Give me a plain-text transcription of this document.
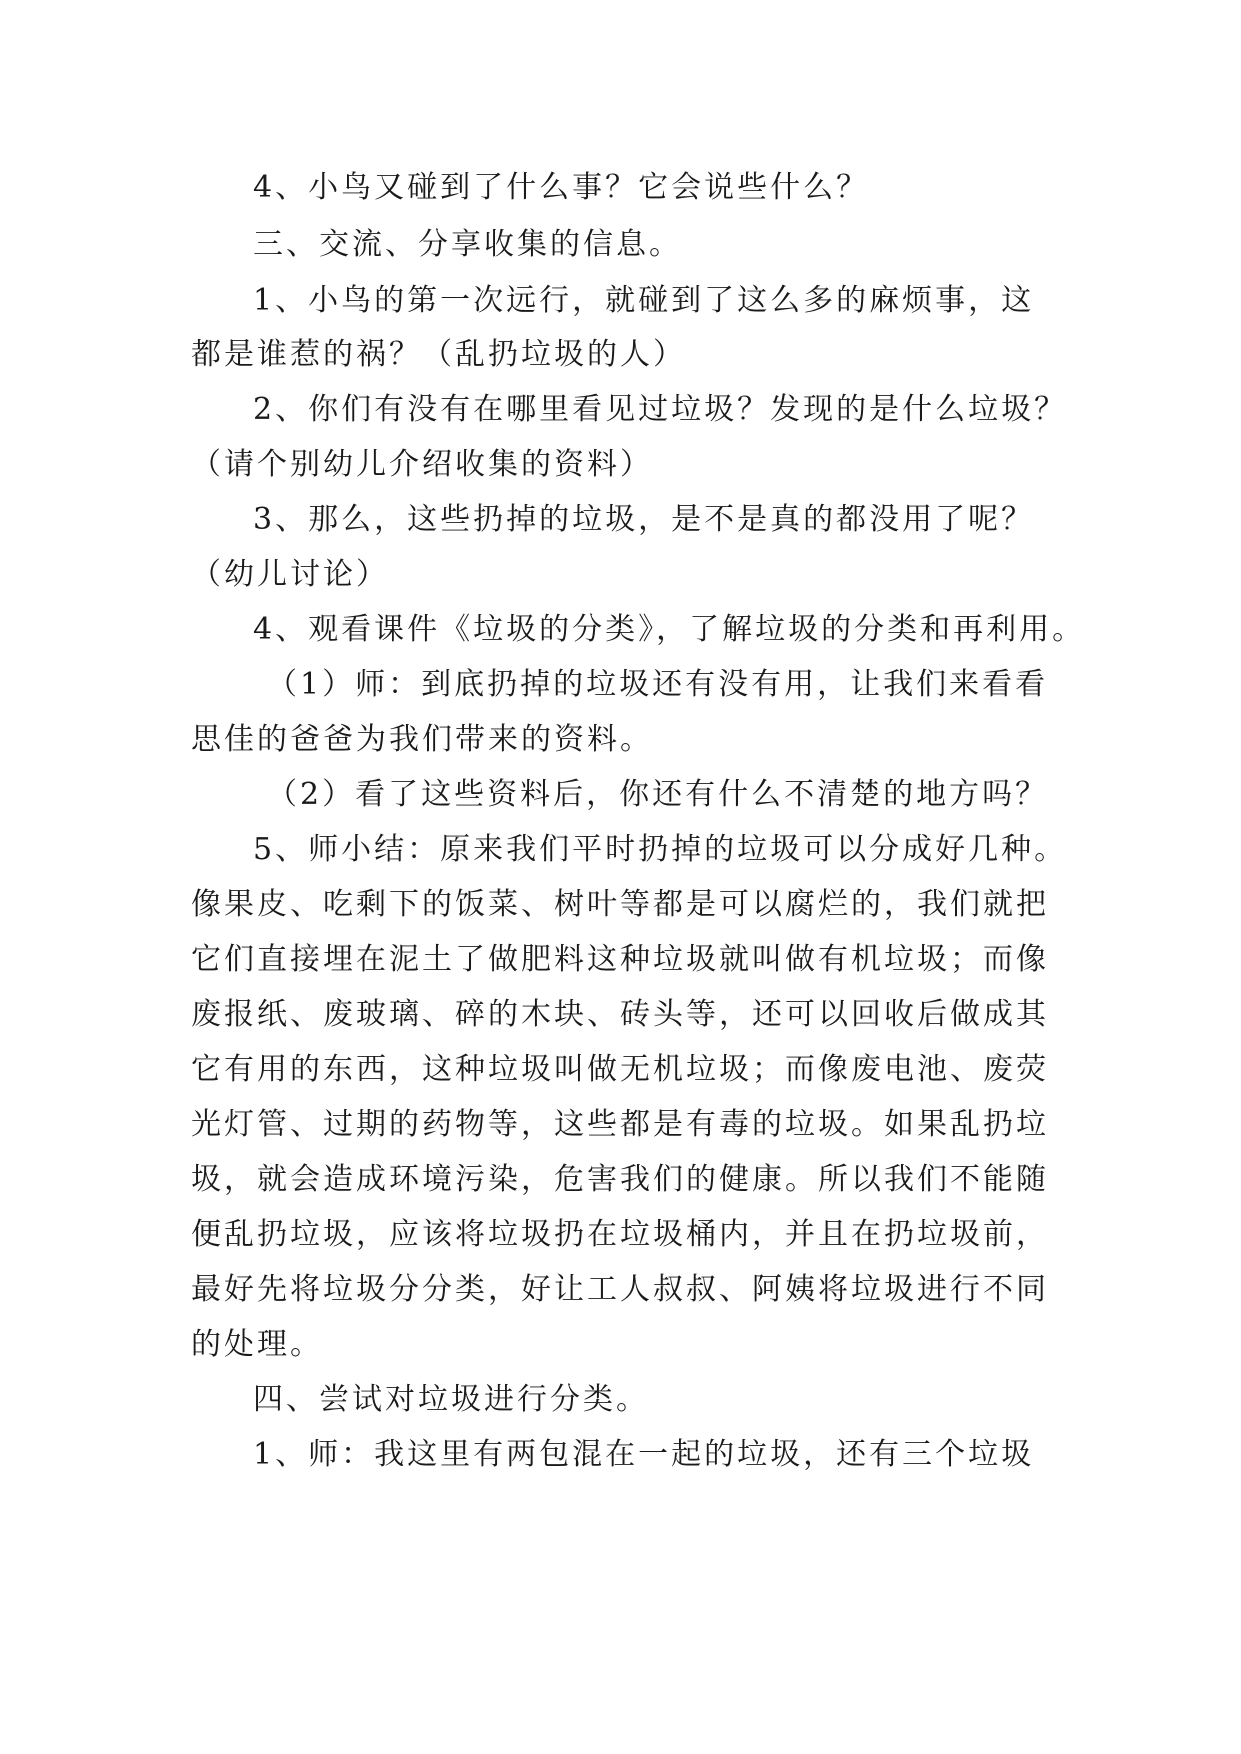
4、小鸟又碰到了什么事？它会说些什么？
三、交流、分享收集的信息。
1、小鸟的第一次远行，就碰到了这么多的麻烦事，这
都是谁惹的祸？（乱扔垃圾的人）
2、你们有没有在哪里看见过垃圾？发现的是什么垃圾？
（请个别幼儿介绍收集的资料）
3、那么，这些扔掉的垃圾，是不是真的都没用了呢？
（幼儿讨论）
4、观看课件《垃圾的分类》，了解垃圾的分类和再利用。
（1）师：到底扔掉的垃圾还有没有用，让我们来看看
思佳的爸爸为我们带来的资料。
（2）看了这些资料后，你还有什么不清楚的地方吗？
5、师小结：原来我们平时扔掉的垃圾可以分成好几种。
像果皮、吃剩下的饭菜、树叶等都是可以腐烂的，我们就把
它们直接埋在泥土了做肥料这种垃圾就叫做有机垃圾；而像
废报纸、废玻璃、碎的木块、砖头等，还可以回收后做成其
它有用的东西，这种垃圾叫做无机垃圾；而像废电池、废荧
光灯管、过期的药物等，这些都是有毒的垃圾。如果乱扔垃
圾，就会造成环境污染，危害我们的健康。所以我们不能随
便乱扔垃圾，应该将垃圾扔在垃圾桶内，并且在扔垃圾前，
最好先将垃圾分分类，好让工人叔叔、阿姨将垃圾进行不同
的处理。
四、尝试对垃圾进行分类。
1、师：我这里有两包混在一起的垃圾，还有三个垃圾
